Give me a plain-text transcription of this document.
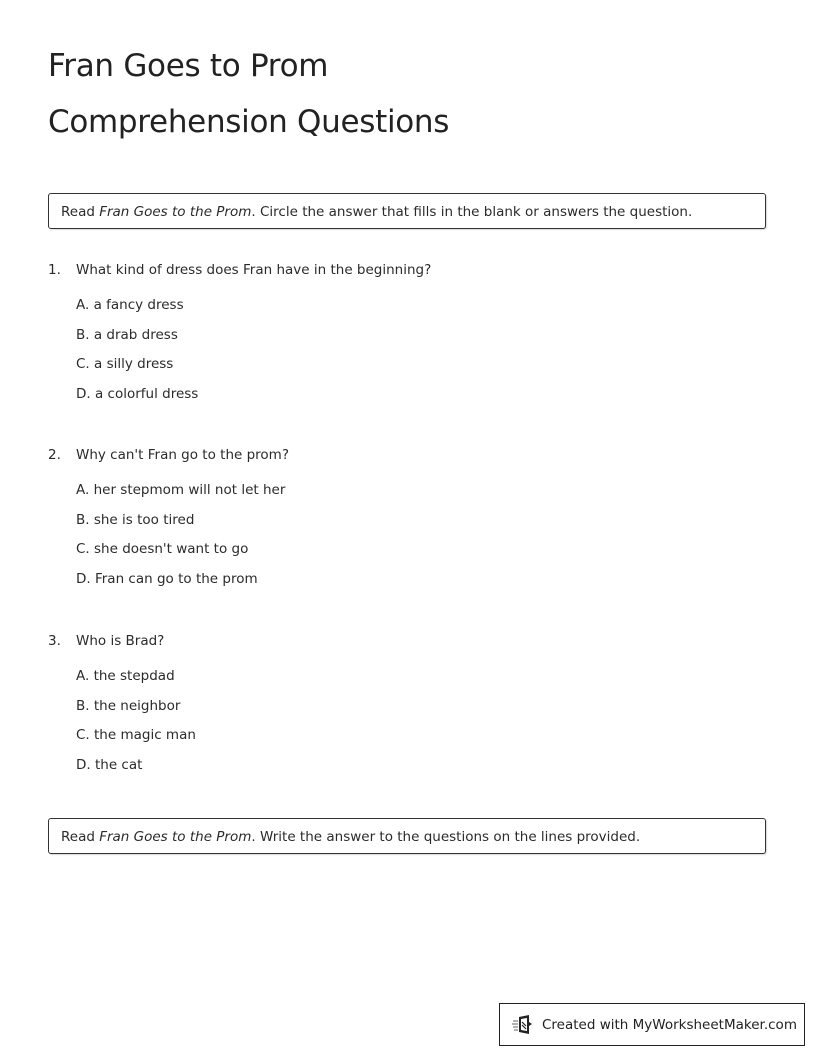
Fran Goes to Prom
Comprehension Questions
Read Fran Goes to the Prom. Circle the answer that fills in the blank or answers the question.
1. What kind of dress does Fran have in the beginning?
A. a fancy dress
B. a drab dress
C. a silly dress
D. a colorful dress
2. Why can't Fran go to the prom?
A. her stepmom will not let her
B. she is too tired
C. she doesn't want to go
D. Fran can go to the prom
3. Who is Brad?
A. the stepdad
B. the neighbor
C. the magic man
D. the cat
Read Fran Goes to the Prom. Write the answer to the questions on the lines provided.
Created with MyWorksheetMaker.com
